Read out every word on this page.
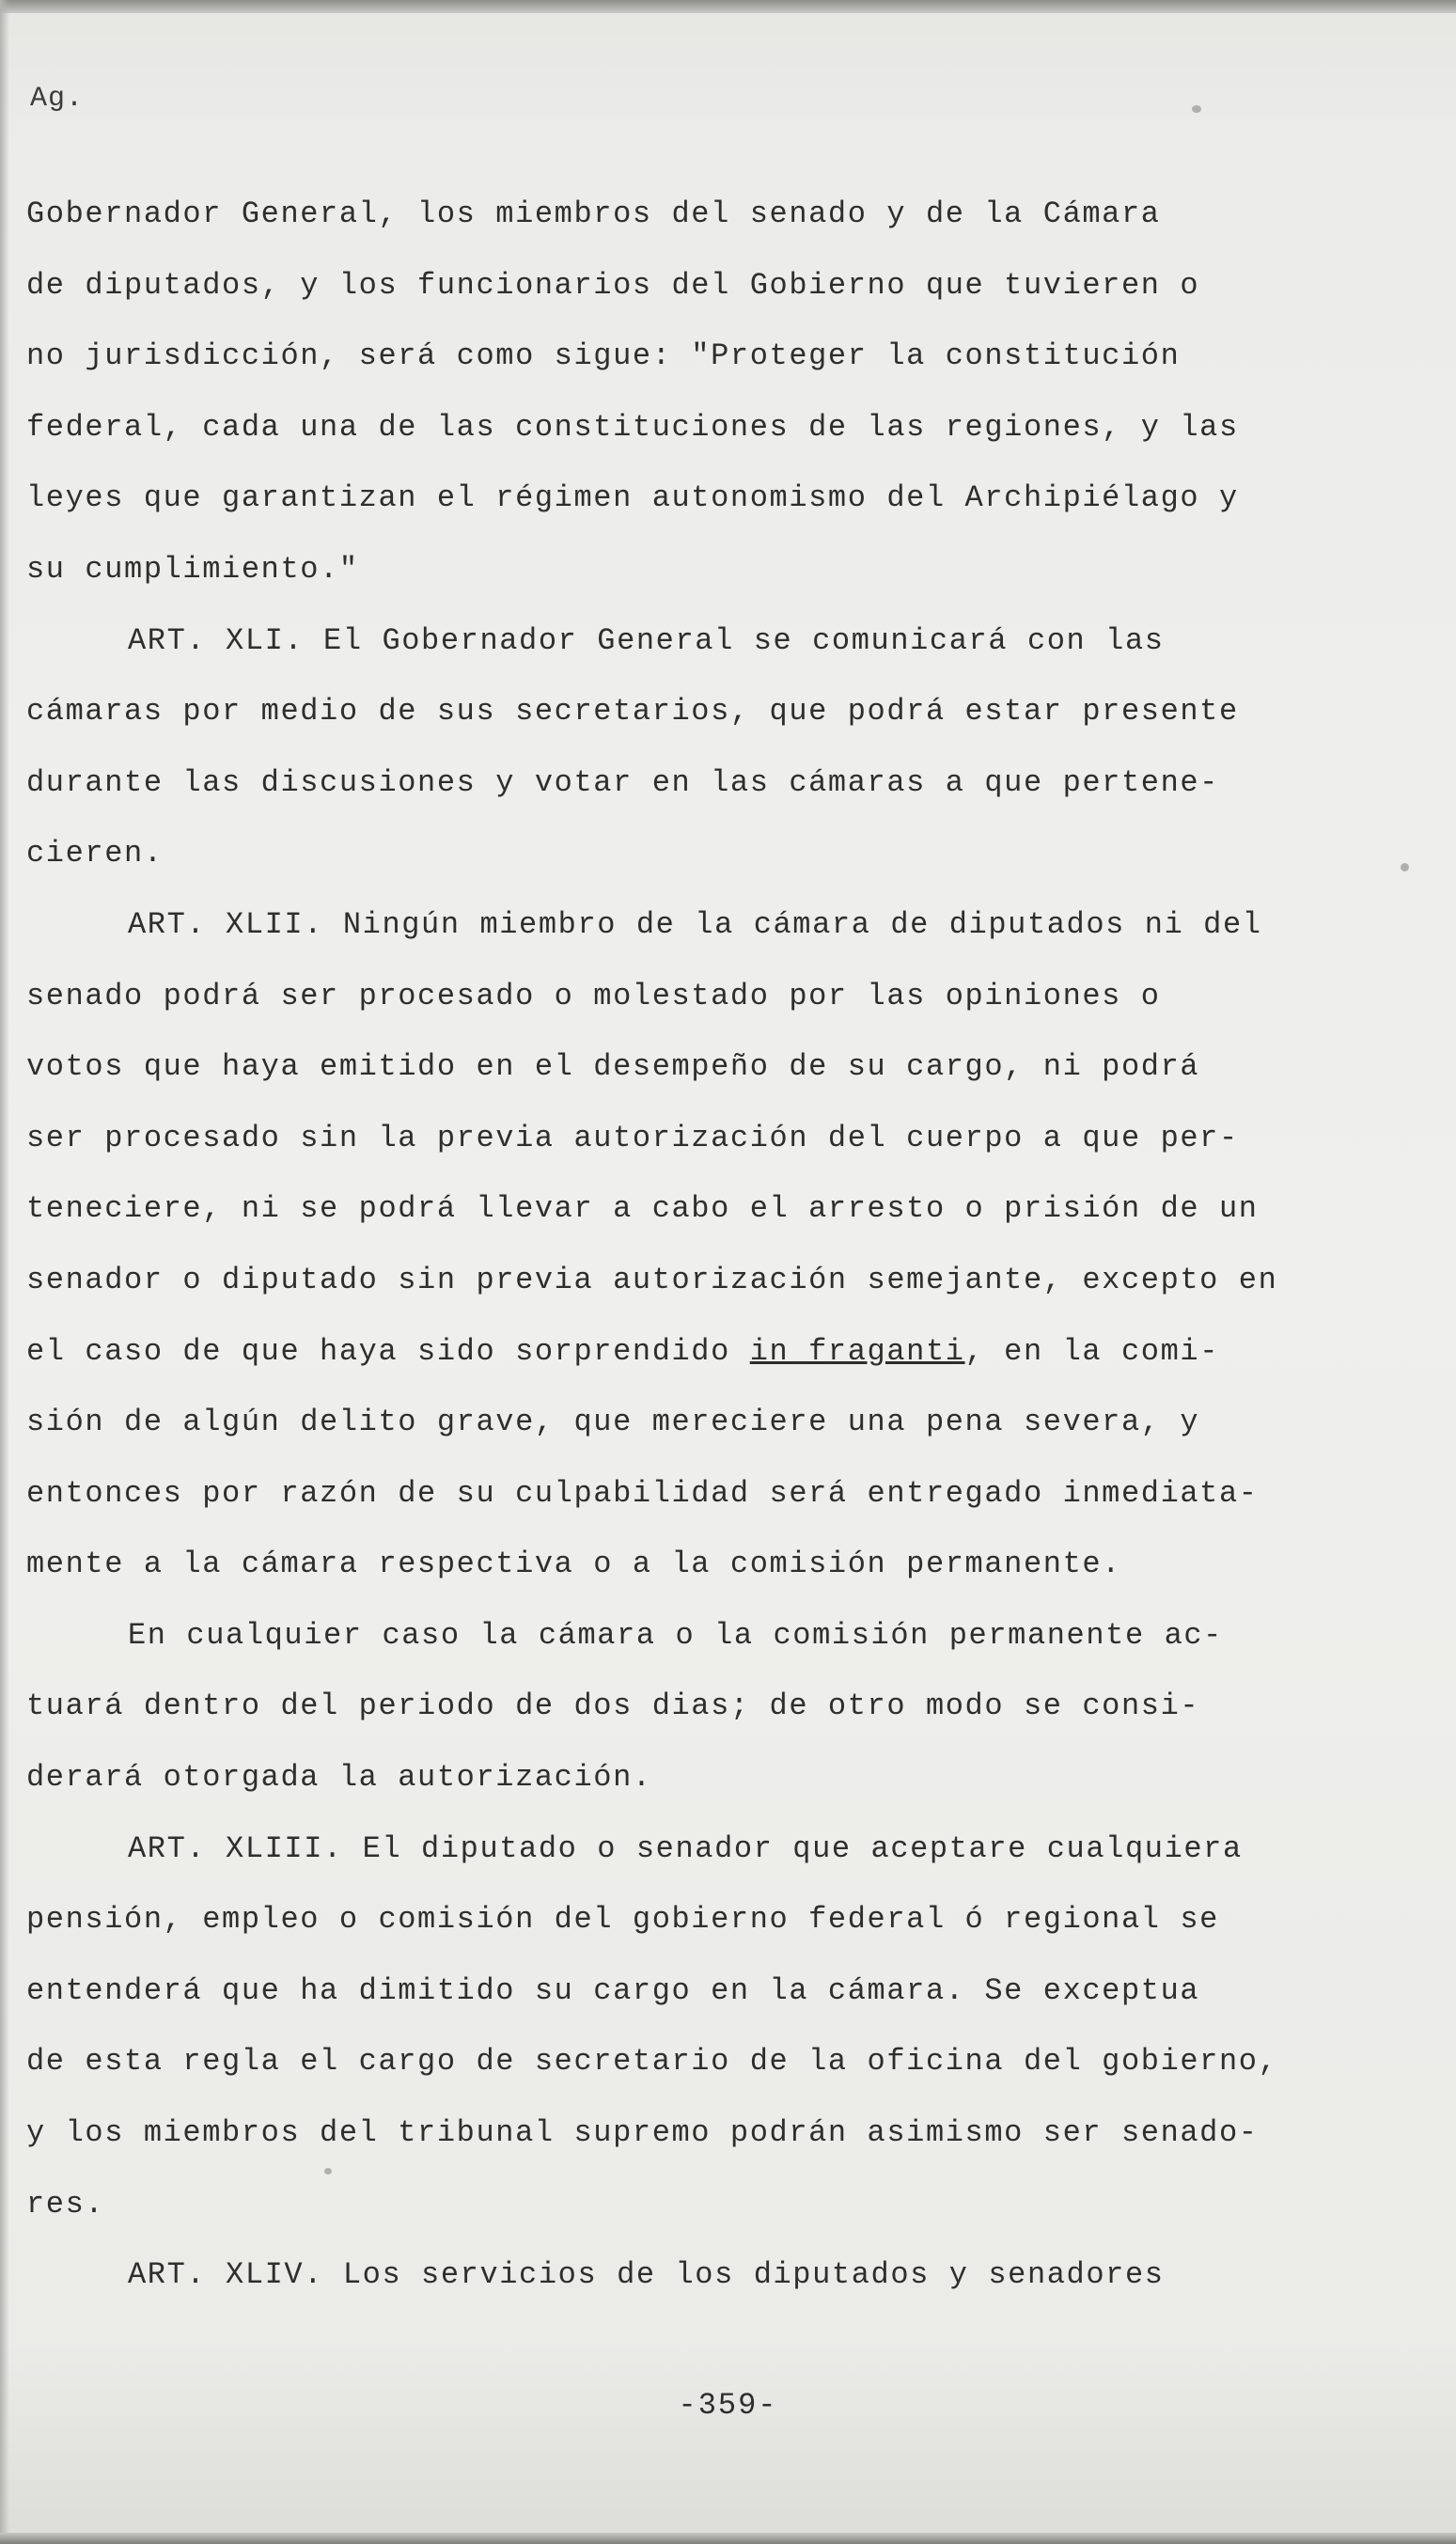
Ag.
Gobernador General, los miembros del senado y de la Cámara
de diputados, y los funcionarios del Gobierno que tuvieren o
no jurisdicción, será como sigue: "Proteger la constitución
federal, cada una de las constituciones de las regiones, y las
leyes que garantizan el régimen autonomismo del Archipiélago y
su cumplimiento."
ART. XLI. El Gobernador General se comunicará con las
cámaras por medio de sus secretarios, que podrá estar presente
durante las discusiones y votar en las cámaras a que pertene-
cieren.
ART. XLII. Ningún miembro de la cámara de diputados ni del
senado podrá ser procesado o molestado por las opiniones o
votos que haya emitido en el desempeño de su cargo, ni podrá
ser procesado sin la previa autorización del cuerpo a que per-
teneciere, ni se podrá llevar a cabo el arresto o prisión de un
senador o diputado sin previa autorización semejante, excepto en
el caso de que haya sido sorprendido in fraganti, en la comi-
sión de algún delito grave, que mereciere una pena severa, y
entonces por razón de su culpabilidad será entregado inmediata-
mente a la cámara respectiva o a la comisión permanente.
En cualquier caso la cámara o la comisión permanente ac-
tuará dentro del periodo de dos dias; de otro modo se consi-
derará otorgada la autorización.
ART. XLIII. El diputado o senador que aceptare cualquiera
pensión, empleo o comisión del gobierno federal ó regional se
entenderá que ha dimitido su cargo en la cámara. Se exceptua
de esta regla el cargo de secretario de la oficina del gobierno,
y los miembros del tribunal supremo podrán asimismo ser senado-
res.
ART. XLIV. Los servicios de los diputados y senadores
-359-
